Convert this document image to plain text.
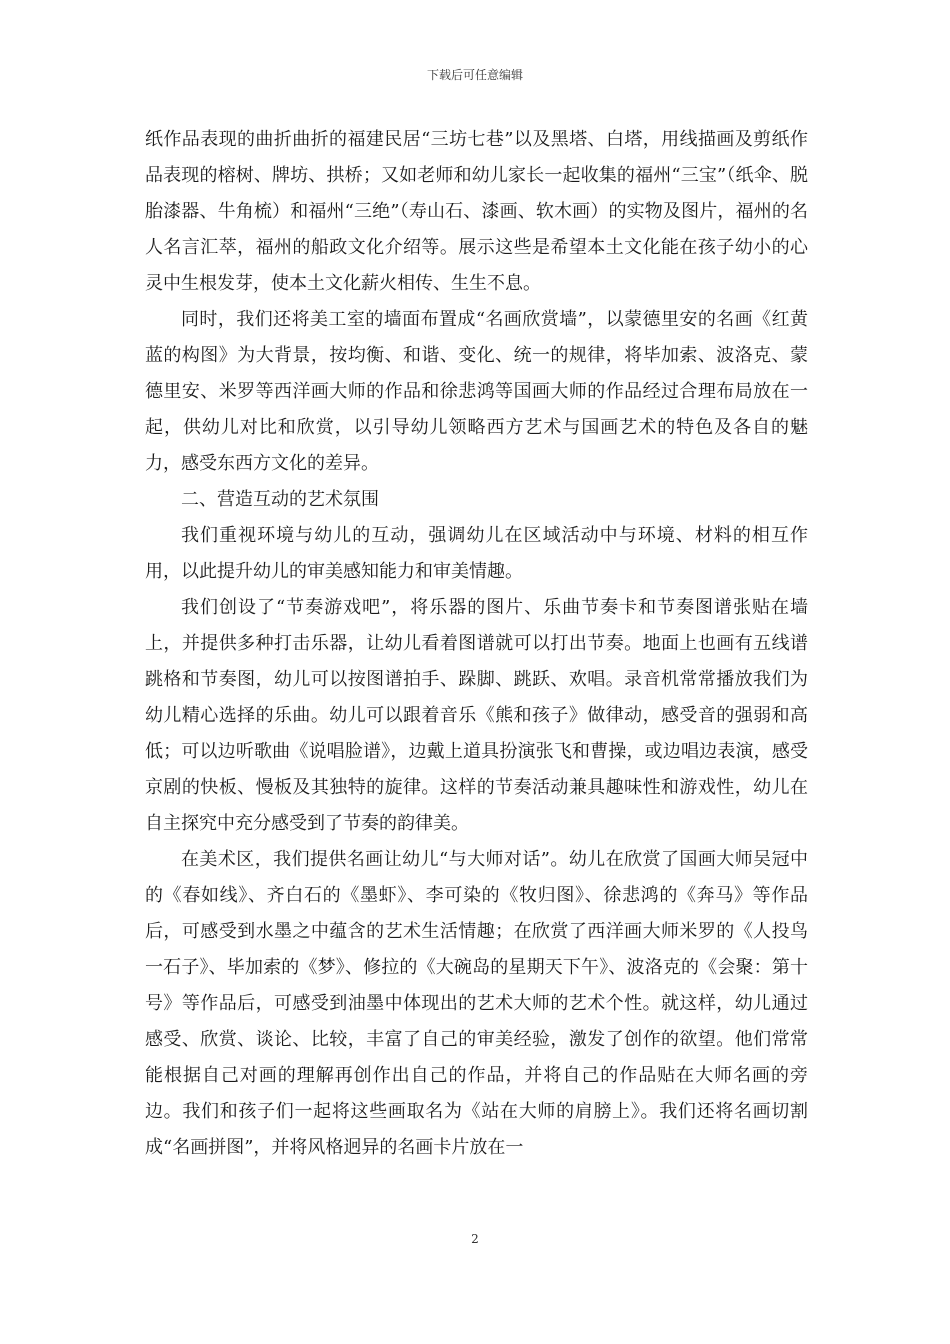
下载后可任意编辑

纸作品表现的曲折曲折的福建民居“三坊七巷”以及黑塔、白塔，用线描画及剪纸作品表现的榕树、牌坊、拱桥；又如老师和幼儿家长一起收集的福州“三宝”（纸伞、脱胎漆器、牛角梳）和福州“三绝”（寿山石、漆画、软木画）的实物及图片，福州的名人名言汇萃，福州的船政文化介绍等。展示这些是希望本土文化能在孩子幼小的心灵中生根发芽，使本土文化薪火相传、生生不息。

同时，我们还将美工室的墙面布置成“名画欣赏墙”，以蒙德里安的名画《红黄蓝的构图》为大背景，按均衡、和谐、变化、统一的规律，将毕加索、波洛克、蒙德里安、米罗等西洋画大师的作品和徐悲鸿等国画大师的作品经过合理布局放在一起，供幼儿对比和欣赏，以引导幼儿领略西方艺术与国画艺术的特色及各自的魅力，感受东西方文化的差异。

二、营造互动的艺术氛围

我们重视环境与幼儿的互动，强调幼儿在区域活动中与环境、材料的相互作用，以此提升幼儿的审美感知能力和审美情趣。

我们创设了“节奏游戏吧”，将乐器的图片、乐曲节奏卡和节奏图谱张贴在墙上，并提供多种打击乐器，让幼儿看着图谱就可以打出节奏。地面上也画有五线谱跳格和节奏图，幼儿可以按图谱拍手、跺脚、跳跃、欢唱。录音机常常播放我们为幼儿精心选择的乐曲。幼儿可以跟着音乐《熊和孩子》做律动，感受音的强弱和高低；可以边听歌曲《说唱脸谱》，边戴上道具扮演张飞和曹操，或边唱边表演，感受京剧的快板、慢板及其独特的旋律。这样的节奏活动兼具趣味性和游戏性，幼儿在自主探究中充分感受到了节奏的韵律美。

在美术区，我们提供名画让幼儿“与大师对话”。幼儿在欣赏了国画大师吴冠中的《春如线》、齐白石的《墨虾》、李可染的《牧归图》、徐悲鸿的《奔马》等作品后，可感受到水墨之中蕴含的艺术生活情趣；在欣赏了西洋画大师米罗的《人投鸟一石子》、毕加索的《梦》、修拉的《大碗岛的星期天下午》、波洛克的《会聚：第十号》等作品后，可感受到油墨中体现出的艺术大师的艺术个性。就这样，幼儿通过感受、欣赏、谈论、比较，丰富了自己的审美经验，激发了创作的欲望。他们常常能根据自己对画的理解再创作出自己的作品，并将自己的作品贴在大师名画的旁边。我们和孩子们一起将这些画取名为《站在大师的肩膀上》。我们还将名画切割成“名画拼图”，并将风格迥异的名画卡片放在一

2
